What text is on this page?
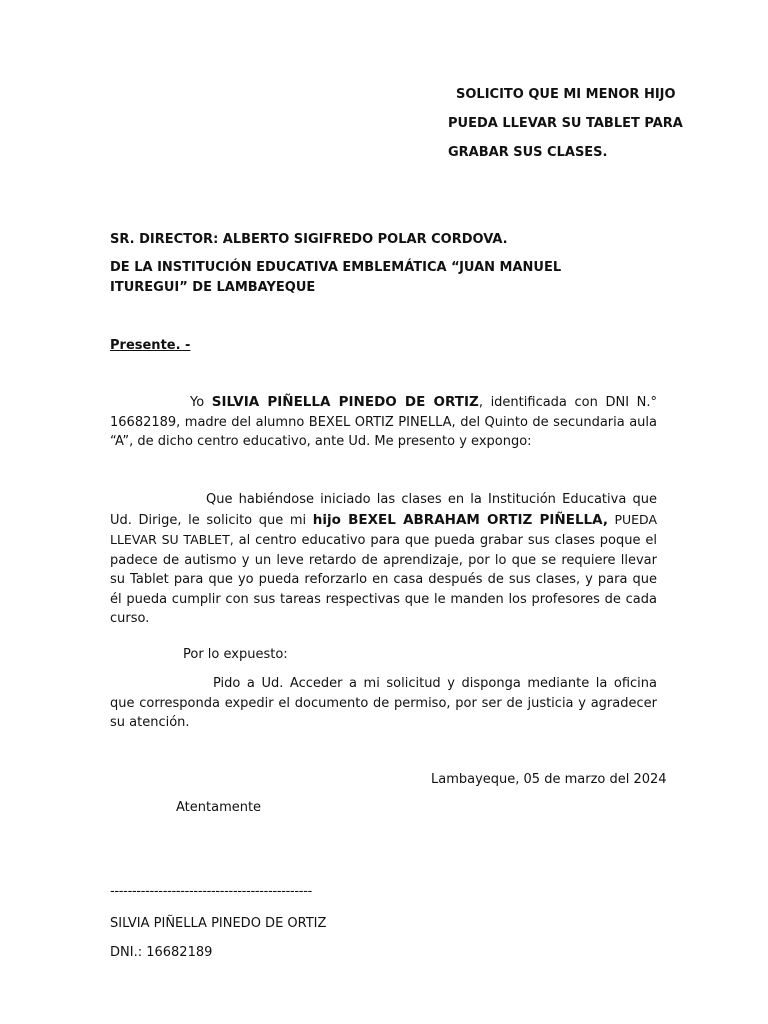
SOLICITO QUE MI MENOR HIJO
PUEDA LLEVAR SU TABLET PARA
GRABAR SUS CLASES.
SR. DIRECTOR: ALBERTO SIGIFREDO POLAR CORDOVA.
DE LA INSTITUCIÓN EDUCATIVA EMBLEMÁTICA “JUAN MANUEL ITUREGUI” DE LAMBAYEQUE
Presente. -
Yo SILVIA PIÑELLA PINEDO DE ORTIZ, identificada con DNI N.° 16682189, madre del alumno BEXEL ORTIZ PINELLA, del Quinto de secundaria aula “A”, de dicho centro educativo, ante Ud. Me presento y expongo:
Que habiéndose iniciado las clases en la Institución Educativa que Ud. Dirige, le solicito que mi hijo BEXEL ABRAHAM ORTIZ PIÑELLA, PUEDA LLEVAR SU TABLET, al centro educativo para que pueda grabar sus clases poque el padece de autismo y un leve retardo de aprendizaje, por lo que se requiere llevar su Tablet para que yo pueda reforzarlo en casa después de sus clases, y para que él pueda cumplir con sus tareas respectivas que le manden los profesores de cada curso.
Por lo expuesto:
Pido a Ud. Acceder a mi solicitud y disponga mediante la oficina que corresponda expedir el documento de permiso, por ser de justicia y agradecer su atención.
Lambayeque, 05 de marzo del 2024
Atentamente
----------------------------------------------
SILVIA PIÑELLA PINEDO DE ORTIZ
DNI.: 16682189
